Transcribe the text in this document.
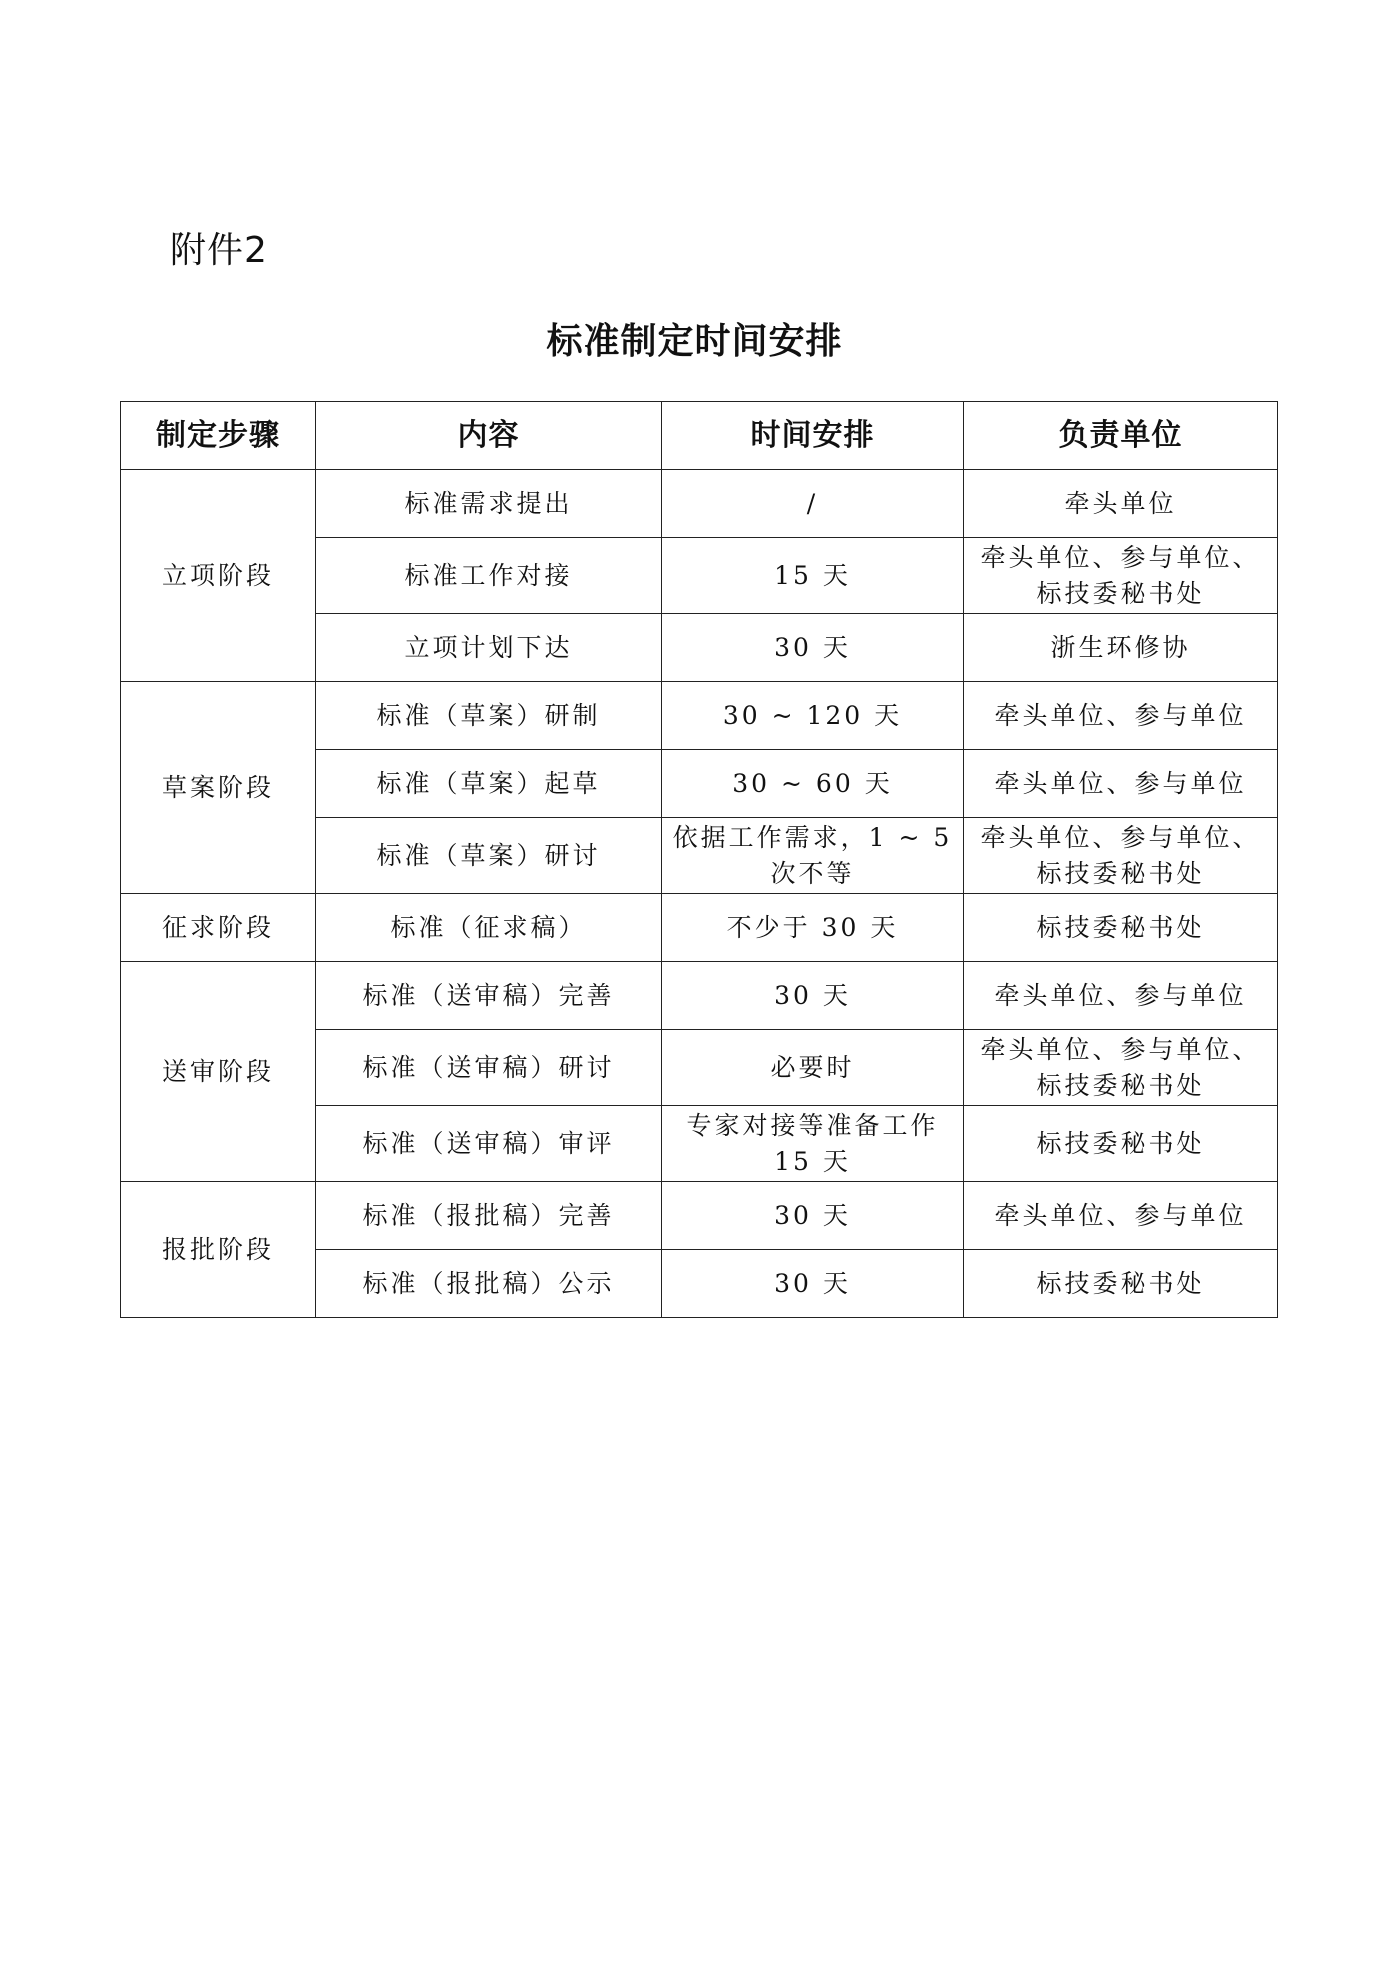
附件2
标准制定时间安排
制定步骤	内容	时间安排	负责单位
立项阶段	标准需求提出	/	牵头单位
	标准工作对接	15 天	牵头单位、参与单位、标技委秘书处
	立项计划下达	30 天	浙生环修协
草案阶段	标准（草案）研制	30 ~ 120 天	牵头单位、参与单位
	标准（草案）起草	30 ~ 60 天	牵头单位、参与单位
	标准（草案）研讨	依据工作需求，1 ~ 5 次不等	牵头单位、参与单位、标技委秘书处
征求阶段	标准（征求稿）	不少于 30 天	标技委秘书处
送审阶段	标准（送审稿）完善	30 天	牵头单位、参与单位
	标准（送审稿）研讨	必要时	牵头单位、参与单位、标技委秘书处
	标准（送审稿）审评	专家对接等准备工作 15 天	标技委秘书处
报批阶段	标准（报批稿）完善	30 天	牵头单位、参与单位
	标准（报批稿）公示	30 天	标技委秘书处
